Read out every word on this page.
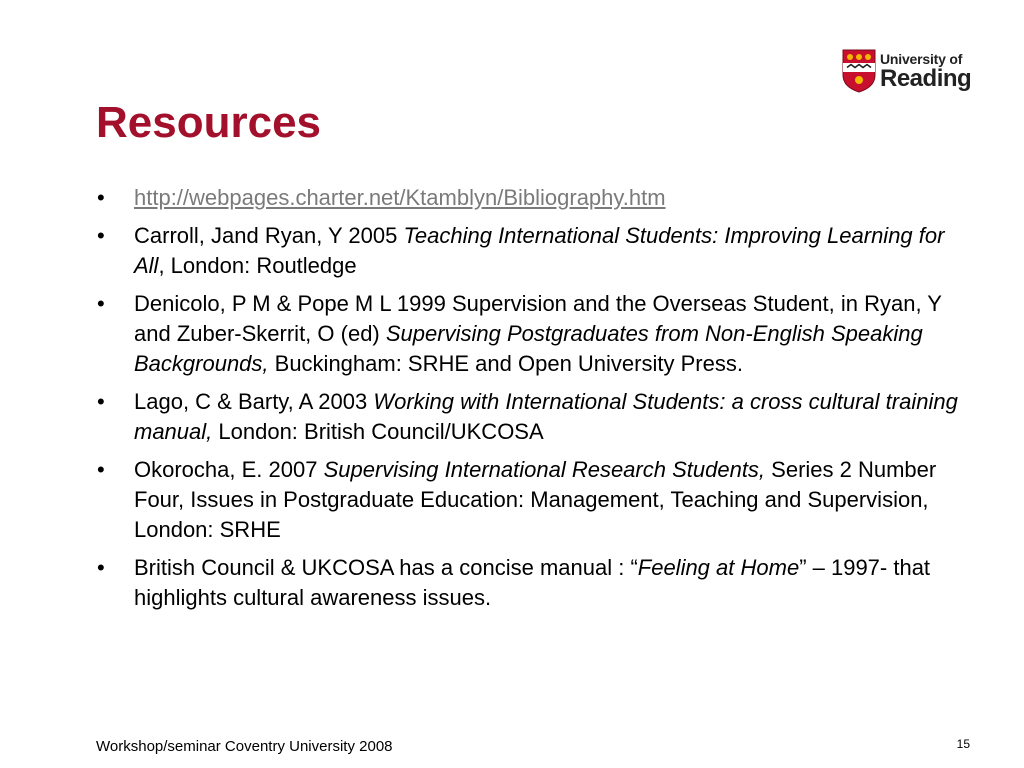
University of
Reading
Resources
• http://webpages.charter.net/Ktamblyn/Bibliography.htm
• Carroll, Jand Ryan, Y 2005 Teaching International Students: Improving Learning for All, London: Routledge
• Denicolo, P M & Pope M L 1999 Supervision and the Overseas Student, in Ryan, Y and Zuber-Skerrit, O (ed) Supervising Postgraduates from Non-English Speaking Backgrounds, Buckingham: SRHE and Open University Press.
• Lago, C & Barty, A 2003 Working with International Students: a cross cultural training manual, London: British Council/UKCOSA
• Okorocha, E. 2007 Supervising International Research Students, Series 2 Number Four, Issues in Postgraduate Education: Management, Teaching and Supervision, London: SRHE
• British Council & UKCOSA has a concise manual : “Feeling at Home” – 1997- that highlights cultural awareness issues.
Workshop/seminar Coventry University 2008	15
